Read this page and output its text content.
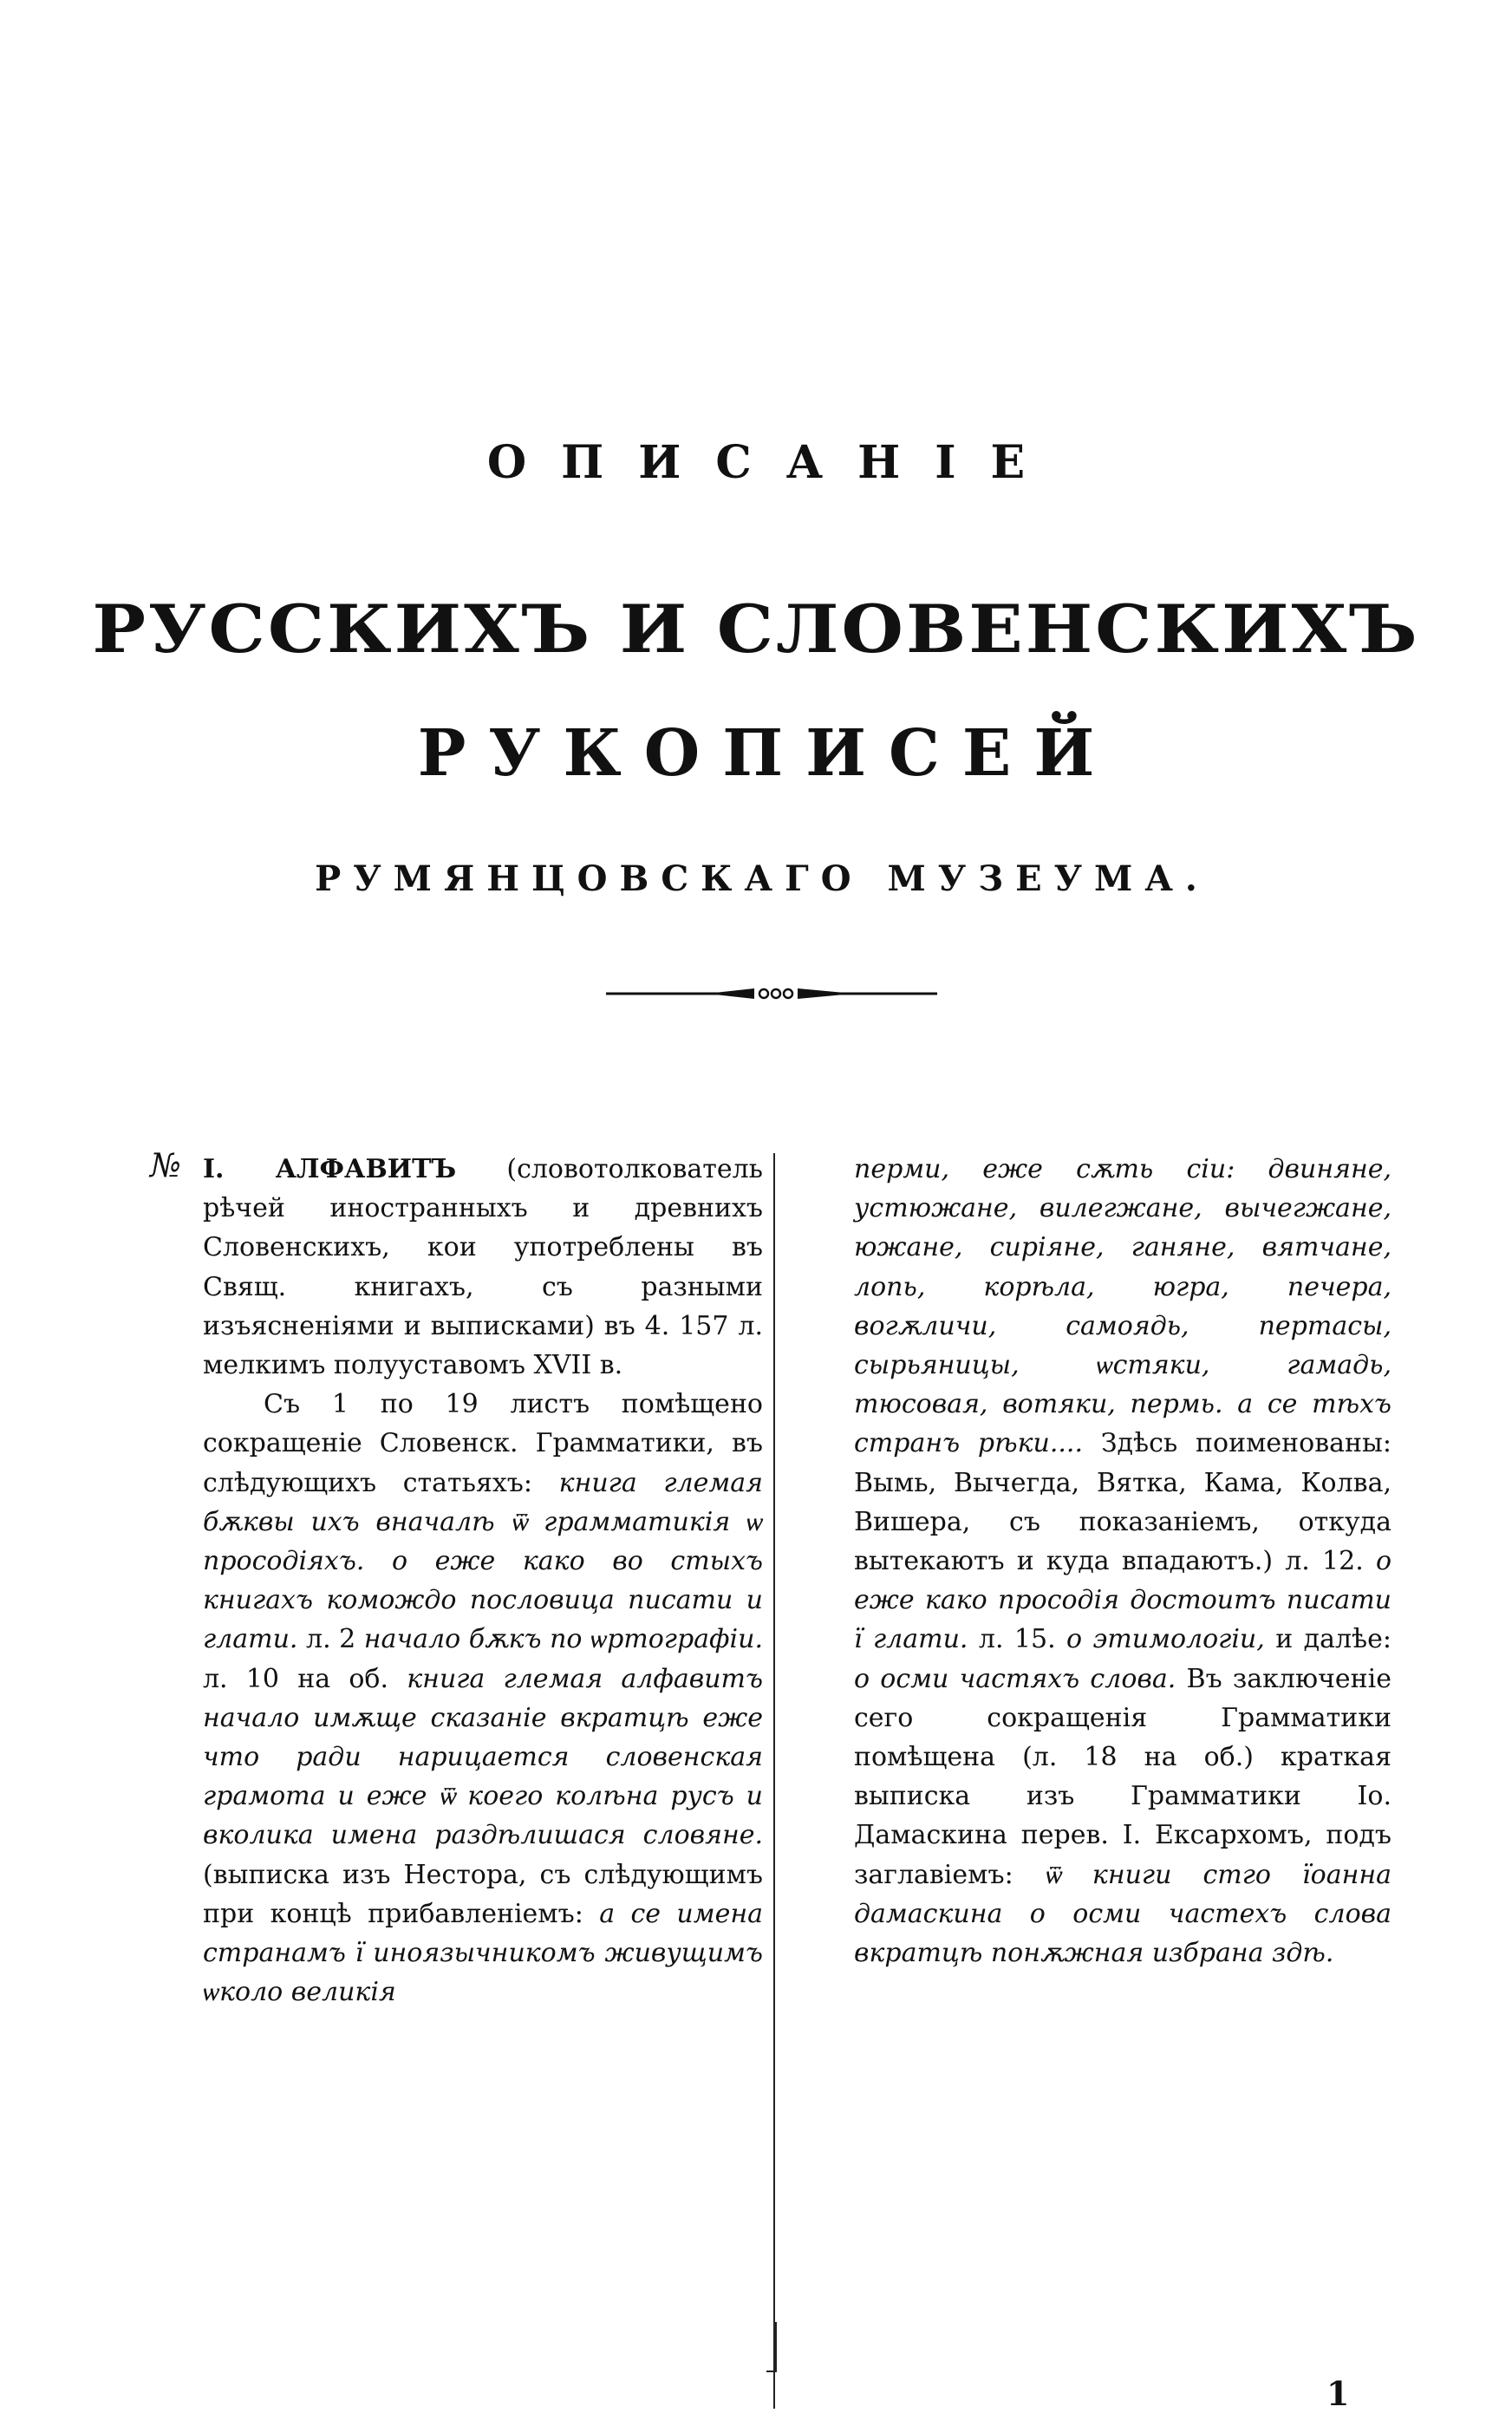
ОПИСАНІЕ
РУССКИХЪ И СЛОВЕНСКИХЪ
РУКОПИСЕЙ
РУМЯНЦОВСКАГО МУЗЕУМА.
№ I. АЛФАВИТЪ (словотолкователь рѣчей иностранныхъ и древнихъ Словенскихъ, кои употреблены въ Свящ. книгахъ, съ разными изъясненіями и выписками) въ 4. 157 л. мелкимъ полууставомъ XVII в.

Съ 1 по 19 листъ помѣщено сокращеніе Словенск. Грамматики, въ слѣдующихъ статьяхъ: книга глемая бѫквы ихъ вначалѣ ѿ грамматикія ѡ просодіяхъ. о еже како во стыхъ книгахъ комождо пословица писати и глати. л. 2 начало бѫкъ по ѡртографіи. л. 10 на об. книга глемая алфавитъ начало имѫще сказаніе вкратцѣ еже что ради нарицается словенская грамота и еже ѿ коего колѣна русъ и вколика имена раздѣлишася словяне. (выписка изъ Нестора, съ слѣдующимъ при концѣ прибавленіемъ: а се имена странамъ ї иноязычникомъ живущимъ ѡколо великія

перми, еже сѫть сіи: двиняне, устюжане, вилегжане, вычегжане, южане, сиріяне, ганяне, вятчане, лопь, корѣла, югра, печера, вогѫличи, самоядь, пертасы, сырьяницы, ѡстяки, гамадь, тюсовая, вотяки, пермь. а се тѣхъ странъ рѣки.... Здѣсь поименованы: Вымь, Вычегда, Вятка, Кама, Колва, Вишера, съ показаніемъ, откуда вытекаютъ и куда впадаютъ.) л. 12. о еже како просодія достоитъ писати ї глати. л. 15. о этимологіи, и далѣе: о осми частяхъ слова. Въ заключеніе сего сокращенія Грамматики помѣщена (л. 18 на об.) краткая выписка изъ Грамматики Іо. Дамаскина перев. І. Ексархомъ, подъ заглавіемъ: ѿ книги стго їоанна дамаскина о осми частехъ слова вкратцѣ понѫжная избрана здѣ.

1
